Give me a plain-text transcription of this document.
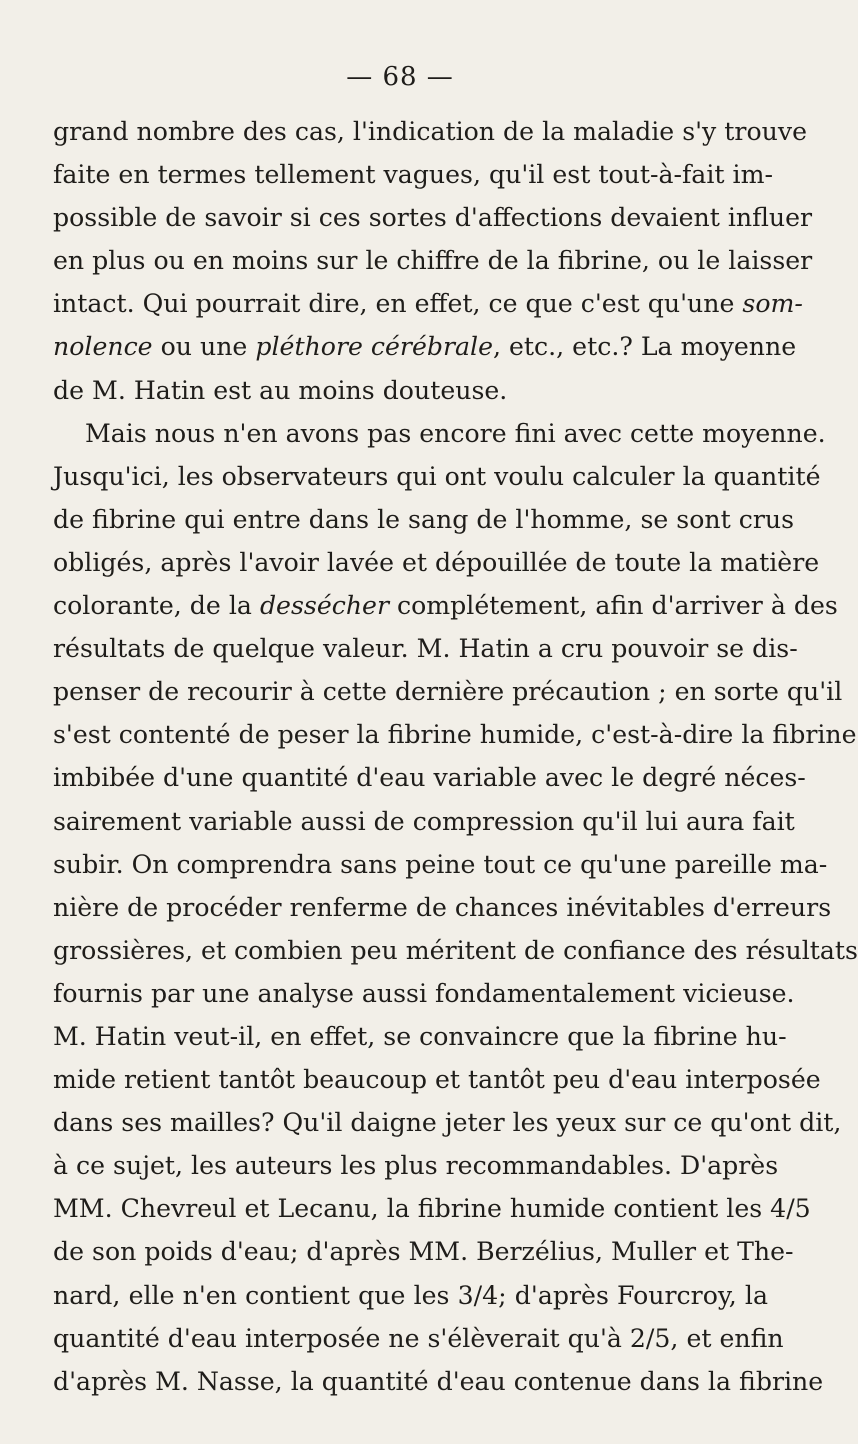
— 68 —
grand nombre des cas, l'indication de la maladie s'y trouve
faite en termes tellement vagues, qu'il est tout-à-fait im-
possible de savoir si ces sortes d'affections devaient influer
en plus ou en moins sur le chiffre de la fibrine, ou le laisser
intact. Qui pourrait dire, en effet, ce que c'est qu'une som-
nolence ou une pléthore cérébrale, etc., etc.? La moyenne
de M. Hatin est au moins douteuse.
Mais nous n'en avons pas encore fini avec cette moyenne.
Jusqu'ici, les observateurs qui ont voulu calculer la quantité
de fibrine qui entre dans le sang de l'homme, se sont crus
obligés, après l'avoir lavée et dépouillée de toute la matière
colorante, de la dessécher complétement, afin d'arriver à des
résultats de quelque valeur. M. Hatin a cru pouvoir se dis-
penser de recourir à cette dernière précaution ; en sorte qu'il
s'est contenté de peser la fibrine humide, c'est-à-dire la fibrine
imbibée d'une quantité d'eau variable avec le degré néces-
sairement variable aussi de compression qu'il lui aura fait
subir. On comprendra sans peine tout ce qu'une pareille ma-
nière de procéder renferme de chances inévitables d'erreurs
grossières, et combien peu méritent de confiance des résultats
fournis par une analyse aussi fondamentalement vicieuse.
M. Hatin veut-il, en effet, se convaincre que la fibrine hu-
mide retient tantôt beaucoup et tantôt peu d'eau interposée
dans ses mailles? Qu'il daigne jeter les yeux sur ce qu'ont dit,
à ce sujet, les auteurs les plus recommandables. D'après
MM. Chevreul et Lecanu, la fibrine humide contient les 4/5
de son poids d'eau; d'après MM. Berzélius, Muller et The-
nard, elle n'en contient que les 3/4; d'après Fourcroy, la
quantité d'eau interposée ne s'élèverait qu'à 2/5, et enfin
d'après M. Nasse, la quantité d'eau contenue dans la fibrine
